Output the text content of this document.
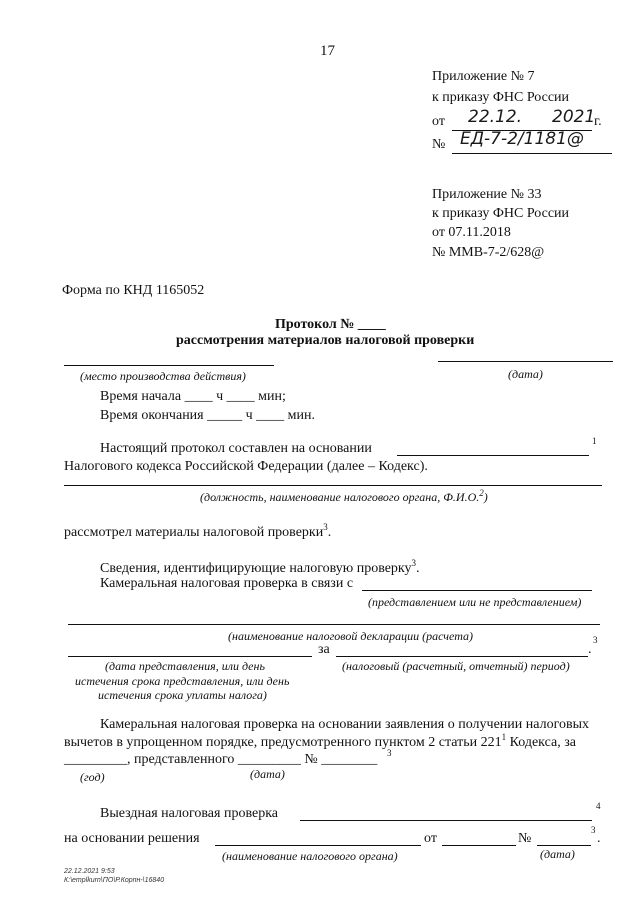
17
Приложение № 7
к приказу ФНС России
от 22.12. 2021
г.
№ ЕД-7-2/1181@
Приложение № 33
к приказу ФНС России
от 07.11.2018
№ ММВ-7-2/628@
Форма по КНД 1165052
Протокол № ____
рассмотрения материалов налоговой проверки
(место производства действия)	(дата)
Время начала ____ ч ____ мин;
Время окончания _____ ч ____ мин.
Настоящий протокол составлен на основании	1
Налогового кодекса Российской Федерации (далее – Кодекс).
(должность, наименование налогового органа, Ф.И.О.$^2$)
рассмотрел материалы налоговой проверки$^3$.
Сведения, идентифицирующие налоговую проверку$^3$.
Камеральная налоговая проверка в связи с
(представлением или не представлением)
(наименование налоговой декларации (расчета)
за	.
3
(дата представления, или день
истечения срока представления, или день
истечения срока уплаты налога)
(налоговый (расчетный, отчетный) период)
Камеральная налоговая проверка на основании заявления о получении налоговых
вычетов в упрощенном порядке, предусмотренного пунктом 2 статьи $221^1$ Кодекса, за
_________, представленного _________ № ________ 3
(год)	(дата)
Выездная налоговая проверка	4
на основании решения	от	№
3
.
(наименование налогового органа)	(дата)
22.12.2021 9:53
К:\emplkurn\ПО\Р.Корпн-\16840
